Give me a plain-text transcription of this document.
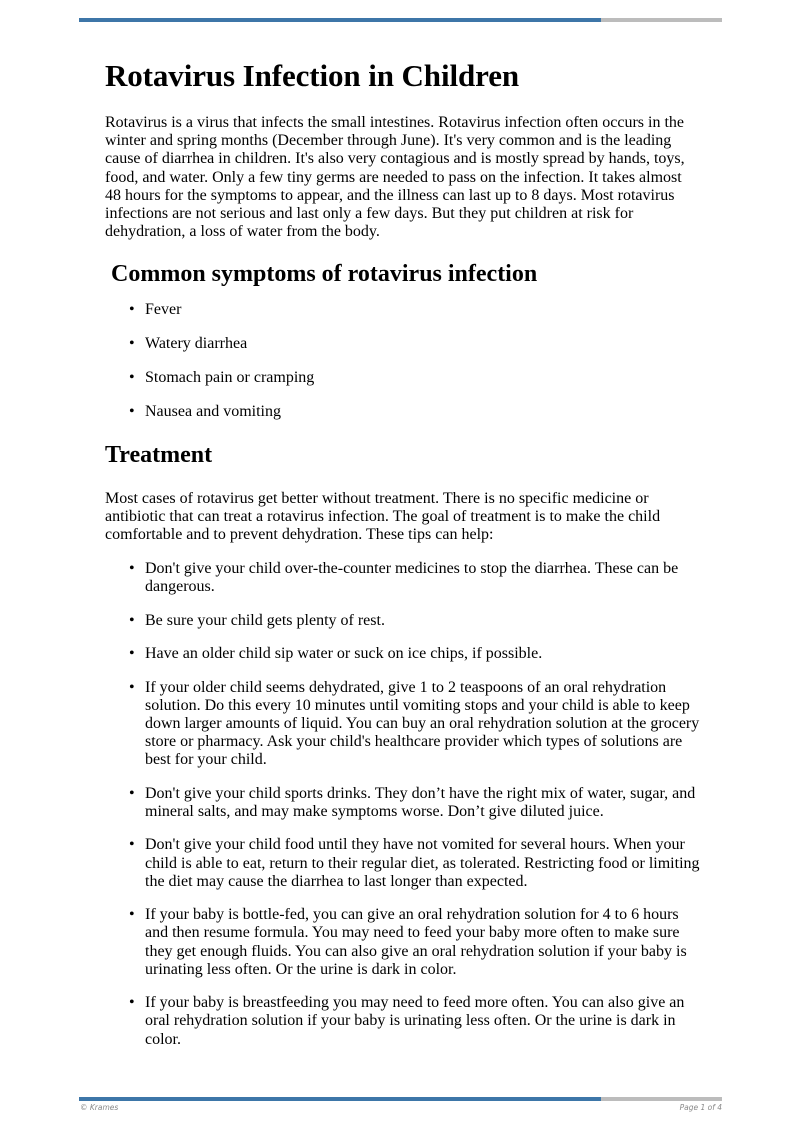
Rotavirus Infection in Children

Rotavirus is a virus that infects the small intestines. Rotavirus infection often occurs in the winter and spring months (December through June). It's very common and is the leading cause of diarrhea in children. It's also very contagious and is mostly spread by hands, toys, food, and water. Only a few tiny germs are needed to pass on the infection. It takes almost 48 hours for the symptoms to appear, and the illness can last up to 8 days. Most rotavirus infections are not serious and last only a few days. But they put children at risk for dehydration, a loss of water from the body.

Common symptoms of rotavirus infection
• Fever
• Watery diarrhea
• Stomach pain or cramping
• Nausea and vomiting
Treatment

Most cases of rotavirus get better without treatment. There is no specific medicine or antibiotic that can treat a rotavirus infection. The goal of treatment is to make the child comfortable and to prevent dehydration. These tips can help:

• Don't give your child over-the-counter medicines to stop the diarrhea. These can be dangerous.
• Be sure your child gets plenty of rest.
• Have an older child sip water or suck on ice chips, if possible.
• If your older child seems dehydrated, give 1 to 2 teaspoons of an oral rehydration solution. Do this every 10 minutes until vomiting stops and your child is able to keep down larger amounts of liquid. You can buy an oral rehydration solution at the grocery store or pharmacy. Ask your child's healthcare provider which types of solutions are best for your child.
• Don't give your child sports drinks. They don’t have the right mix of water, sugar, and mineral salts, and may make symptoms worse. Don’t give diluted juice.
• Don't give your child food until they have not vomited for several hours. When your child is able to eat, return to their regular diet, as tolerated. Restricting food or limiting the diet may cause the diarrhea to last longer than expected.
• If your baby is bottle-fed, you can give an oral rehydration solution for 4 to 6 hours and then resume formula. You may need to feed your baby more often to make sure they get enough fluids. You can also give an oral rehydration solution if your baby is urinating less often. Or the urine is dark in color.
• If your baby is breastfeeding you may need to feed more often. You can also give an oral rehydration solution if your baby is urinating less often. Or the urine is dark in color.
© Krames	Page 1 of 4
